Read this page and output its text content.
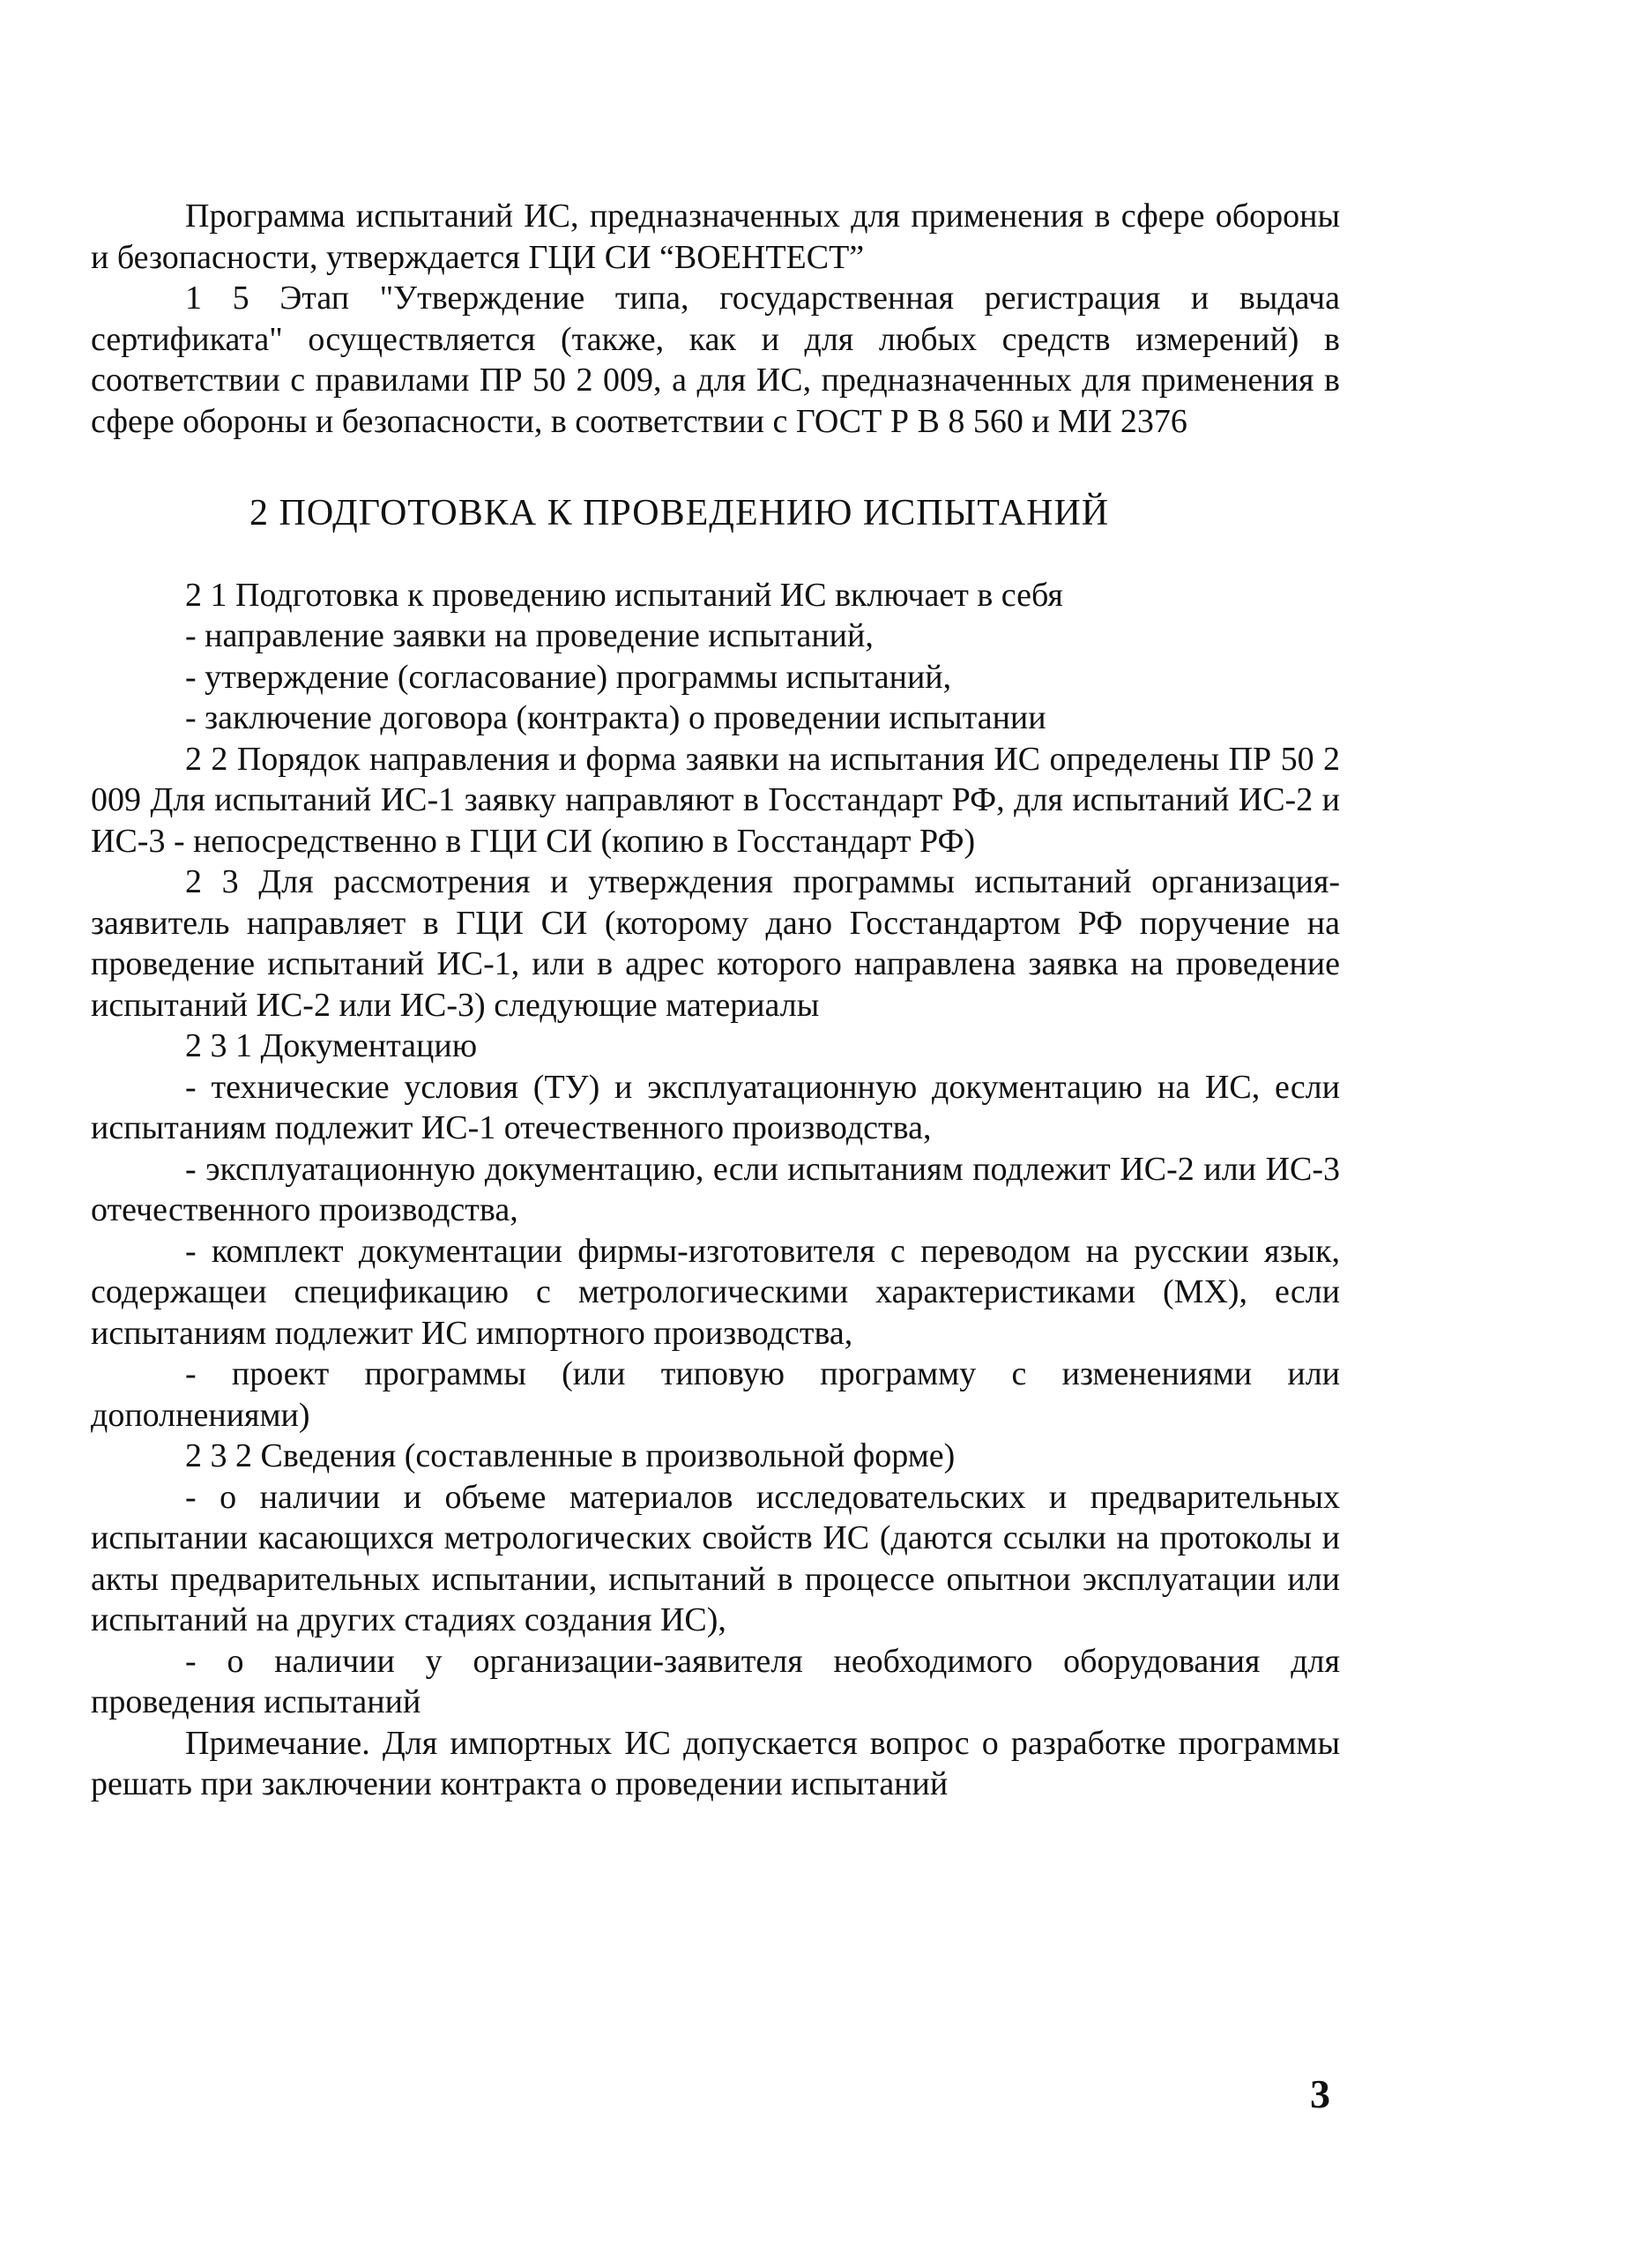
Программа испытаний ИС, предназначенных для применения в сфере обороны и безопасности, утверждается ГЦИ СИ “ВОЕНТЕСТ”

1 5 Этап "Утверждение типа, государственная регистрация и выдача сертификата" осуществляется (также, как и для любых средств измерений) в соответствии с правилами ПР 50 2 009, а для ИС, предназначенных для применения в сфере обороны и безопасности, в соответствии с ГОСТ Р В 8 560 и МИ 2376

2 ПОДГОТОВКА К ПРОВЕДЕНИЮ ИСПЫТАНИЙ

2 1 Подготовка к проведению испытаний ИС включает в себя

- направление заявки на проведение испытаний,

- утверждение (согласование) программы испытаний,

- заключение договора (контракта) о проведении испытании

2 2 Порядок направления и форма заявки на испытания ИС определены ПР 50 2 009 Для испытаний ИС-1 заявку направляют в Госстандарт РФ, для испытаний ИС-2 и ИС-3 - непосредственно в ГЦИ СИ (копию в Госстандарт РФ)

2 3 Для рассмотрения и утверждения программы испытаний организация-заявитель направляет в ГЦИ СИ (которому дано Госстандартом РФ поручение на проведение испытаний ИС-1, или в адрес которого направлена заявка на проведение испытаний ИС-2 или ИС-3) следующие материалы

2 3 1 Документацию

- технические условия (ТУ) и эксплуатационную документацию на ИС, если испытаниям подлежит ИС-1 отечественного производства,

- эксплуатационную документацию, если испытаниям подлежит ИС-2 или ИС-3 отечественного производства,

- комплект документации фирмы-изготовителя с переводом на русскии язык, содержащеи спецификацию с метрологическими характеристиками (МХ), если испытаниям подлежит ИС импортного производства,

- проект программы (или типовую программу с изменениями или дополнениями)

2 3 2 Сведения (составленные в произвольной форме)

- о наличии и объеме материалов исследовательских и предварительных испытании касающихся метрологических свойств ИС (даются ссылки на протоколы и акты предварительных испытании, испытаний в процессе опытнои эксплуатации или испытаний на других стадиях создания ИС),

- о наличии у организации-заявителя необходимого оборудования для проведения испытаний

Примечание. Для импортных ИС допускается вопрос о разработке программы решать при заключении контракта о проведении испытаний

3
